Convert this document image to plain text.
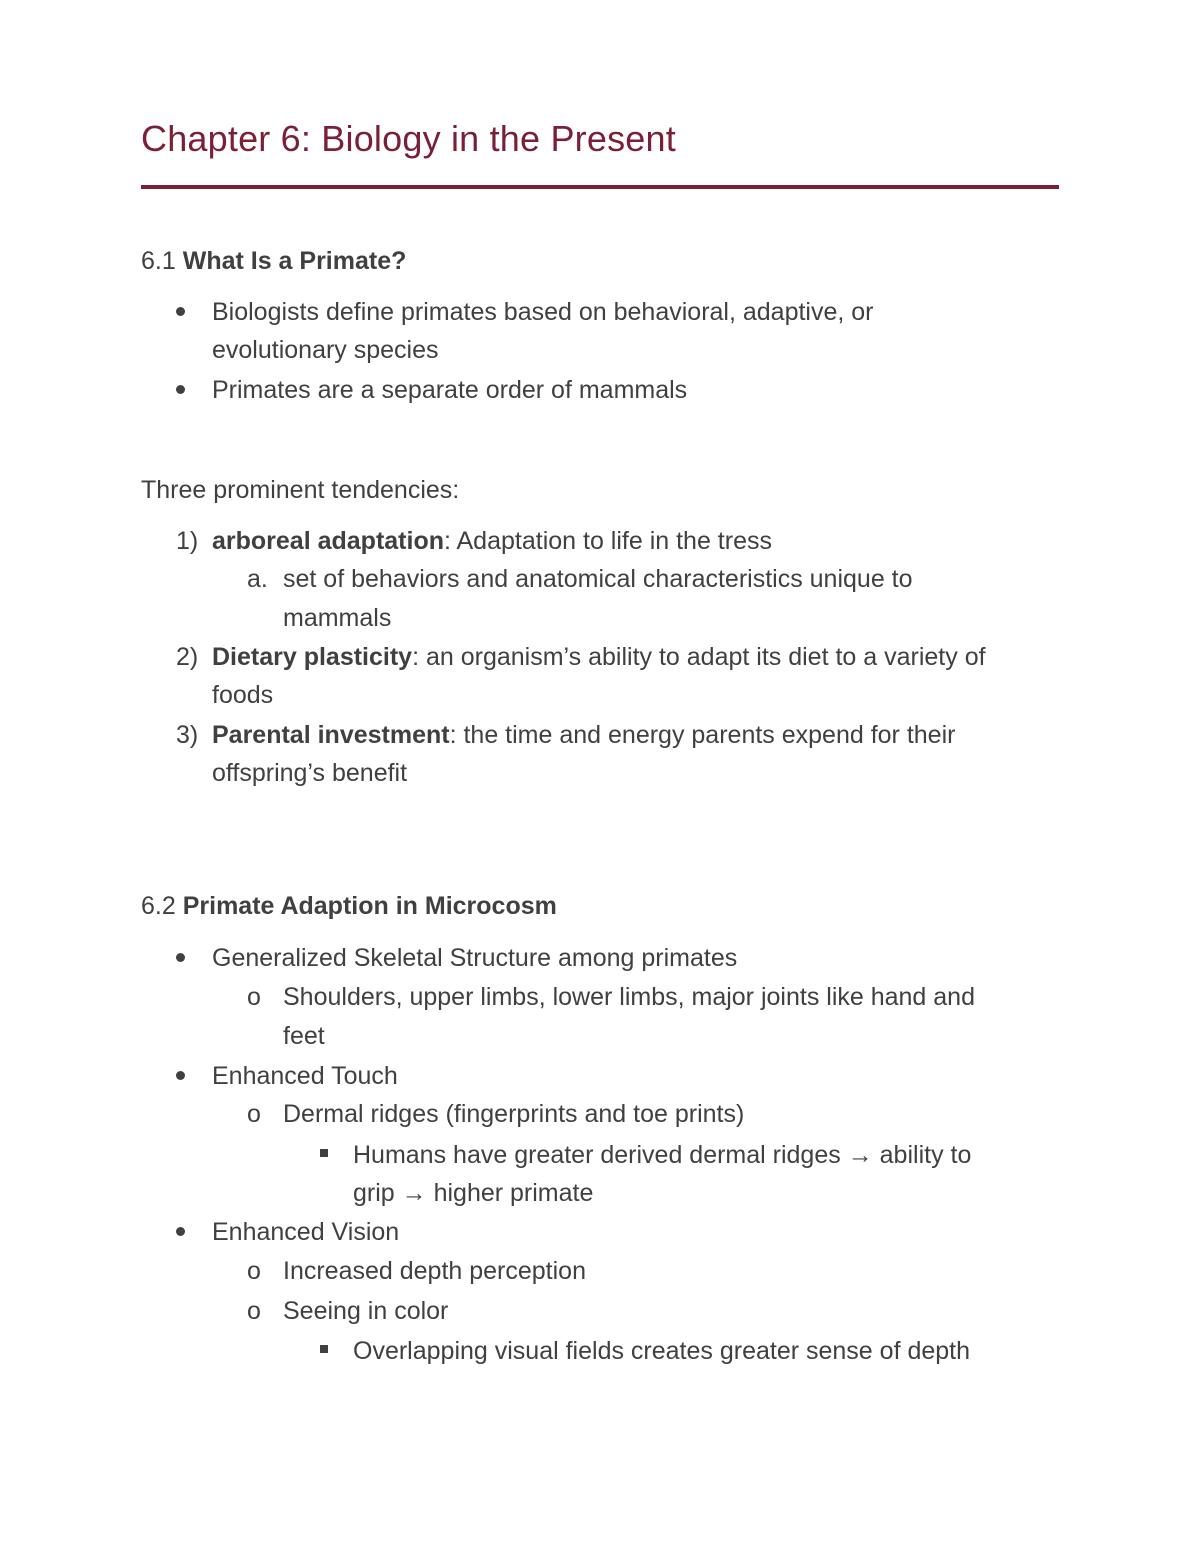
Chapter 6: Biology in the Present
6.1 What Is a Primate?
Biologists define primates based on behavioral, adaptive, or
evolutionary species
Primates are a separate order of mammals
Three prominent tendencies:
1) arboreal adaptation: Adaptation to life in the tress
a. set of behaviors and anatomical characteristics unique to
mammals
2) Dietary plasticity: an organism’s ability to adapt its diet to a variety of
foods
3) Parental investment: the time and energy parents expend for their
offspring’s benefit
6.2 Primate Adaption in Microcosm
Generalized Skeletal Structure among primates
o Shoulders, upper limbs, lower limbs, major joints like hand and
feet
Enhanced Touch
o Dermal ridges (fingerprints and toe prints)
Humans have greater derived dermal ridges → ability to
grip → higher primate
Enhanced Vision
o Increased depth perception
o Seeing in color
Overlapping visual fields creates greater sense of depth
